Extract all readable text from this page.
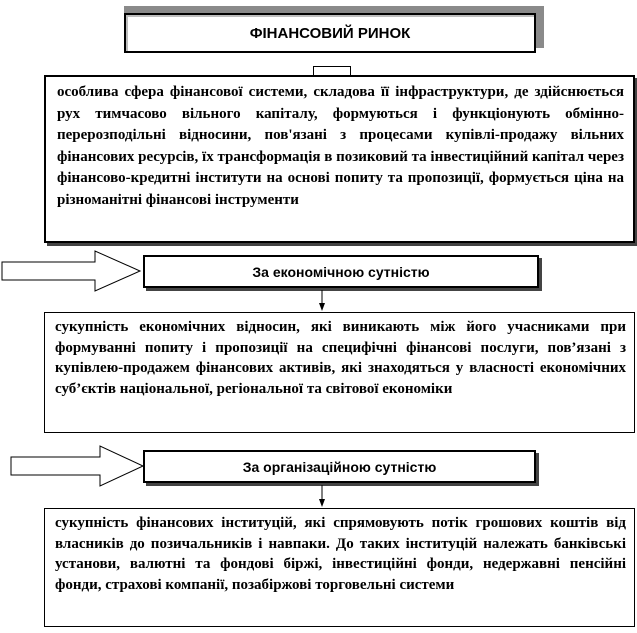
ФІНАНСОВИЙ РИНОК
особлива сфера фінансової системи, складова її інфраструктури, де здійснюється рух тимчасово вільного капіталу, формуються і функціонують обмінно-перерозподільні відносини, пов'язані з процесами купівлі-продажу вільних фінансових ресурсів, їх трансформація в позиковий та інвестиційний капітал через фінансово-кредитні інститути на основі попиту та пропозиції, формується ціна на різноманітні фінансові інструменти
За економічною сутністю
сукупність економічних відносин, які виникають між його учасниками при формуванні попиту і пропозиції на специфічні фінансові послуги, пов’язані з купівлею-продажем фінансових активів, які знаходяться у власності економічних суб’єктів національної, регіональної та світової економіки
За організаційною сутністю
сукупність фінансових інституцій, які спрямовують потік грошових коштів від власників до позичальників і навпаки. До таких інституцій належать банківські установи, валютні та фондові біржі, інвестиційні фонди, недержавні пенсійні фонди, страхові компанії, позабіржові торговельні системи
